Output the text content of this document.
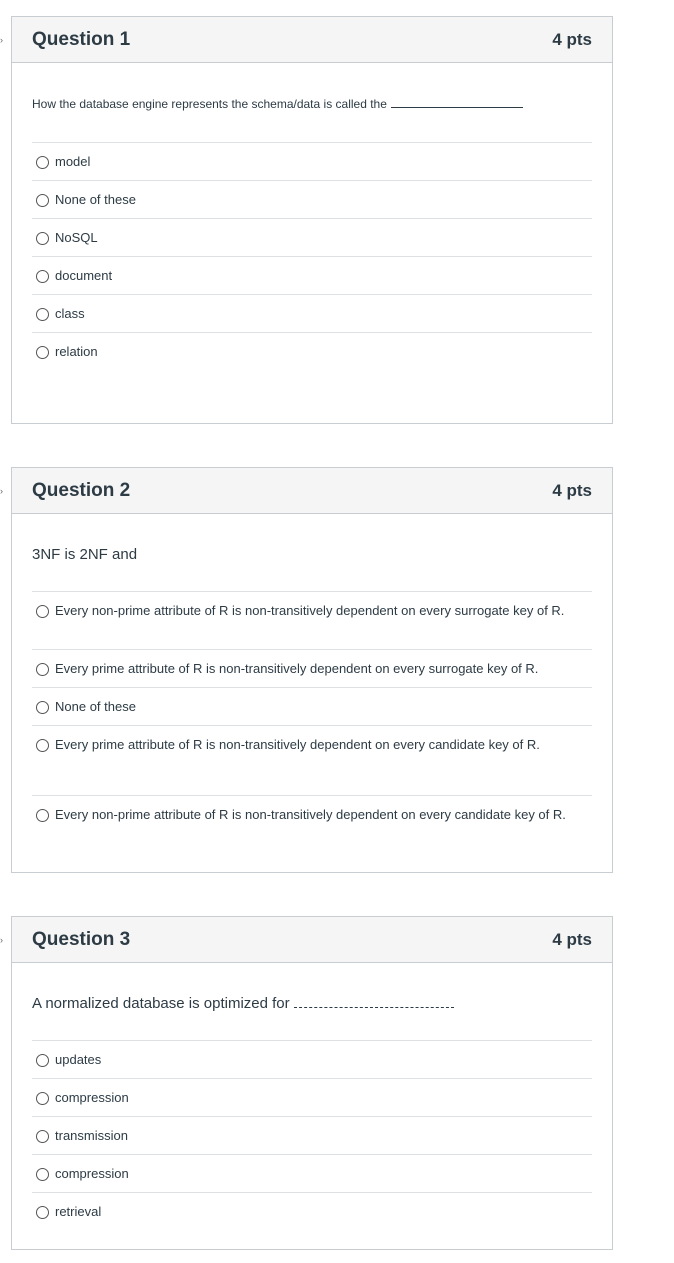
› Question 1	4 pts
How the database engine represents the schema/data is called the
model
None of these
NoSQL
document
class
relation
› Question 2	4 pts
3NF is 2NF and
Every non-prime attribute of R is non-transitively dependent on every surrogate key of R.
Every prime attribute of R is non-transitively dependent on every surrogate key of R.
None of these
Every prime attribute of R is non-transitively dependent on every candidate key of R.
Every non-prime attribute of R is non-transitively dependent on every candidate key of R.
› Question 3	4 pts
A normalized database is optimized for
updates
compression
transmission
compression
retrieval
